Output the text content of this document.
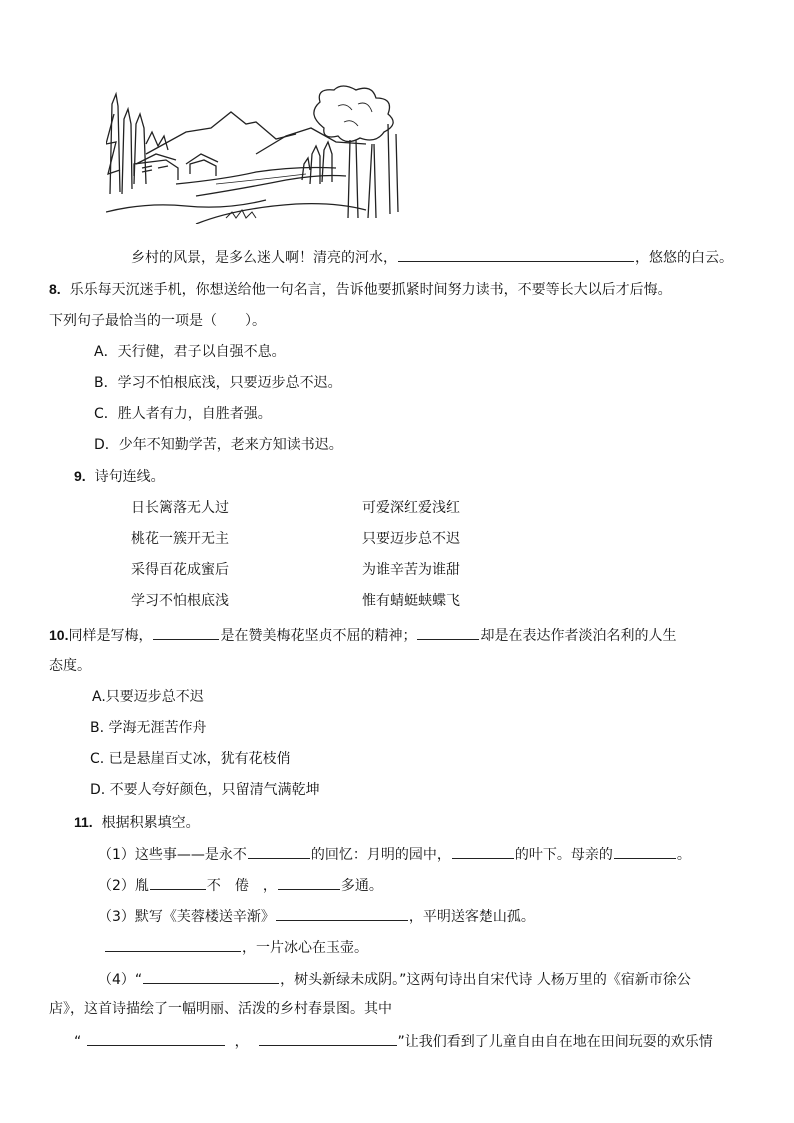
乡村的风景，是多么迷人啊！清亮的河水，	，悠悠的白云。
8. 乐乐每天沉迷手机，你想送给他一句名言，告诉他要抓紧时间努力读书，不要等长大以后才后悔。
下列句子最恰当的一项是（　　）。
A．天行健，君子以自强不息。
B．学习不怕根底浅，只要迈步总不迟。
C．胜人者有力，自胜者强。
D．少年不知勤学苦，老来方知读书迟。
9. 诗句连线。
日长篱落无人过	可爱深红爱浅红
桃花一簇开无主	只要迈步总不迟
采得百花成蜜后	为谁辛苦为谁甜
学习不怕根底浅	惟有蜻蜓蛱蝶飞
10.同样是写梅，	是在赞美梅花坚贞不屈的精神；	却是在表达作者淡泊名利的人生
态度。
A.只要迈步总不迟
B. 学海无涯苦作舟
C. 已是悬崖百丈冰，犹有花枝俏
D. 不要人夸好颜色，只留清气满乾坤
11. 根据积累填空。
（1）这些事——是永不	的回忆：月明的园中，	的叶下。母亲的	。
（2）胤	不　倦　，	多通。
（3）默写《芙蓉楼送辛渐》	，平明送客楚山孤。
，一片冰心在玉壶。
（4）“	，树头新绿未成阴。”这两句诗出自宋代诗 人杨万里的《宿新市徐公
店》，这首诗描绘了一幅明丽、活泼的乡村春景图。其中
“	，	”让我们看到了儿童自由自在地在田间玩耍的欢乐情
